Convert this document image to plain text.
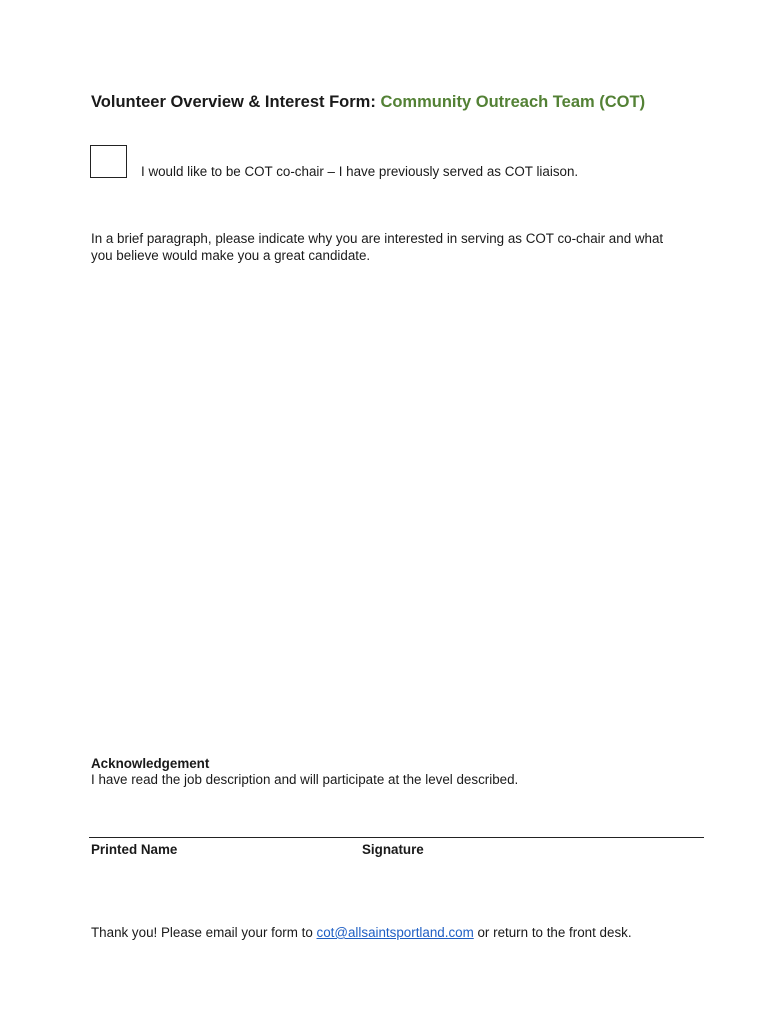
Volunteer Overview & Interest Form: Community Outreach Team (COT)
I would like to be COT co-chair – I have previously served as COT liaison.
In a brief paragraph, please indicate why you are interested in serving as COT co-chair and what
you believe would make you a great candidate.
Acknowledgement
I have read the job description and will participate at the level described.
Printed Name	Signature
Thank you! Please email your form to cot@allsaintsportland.com or return to the front desk.
